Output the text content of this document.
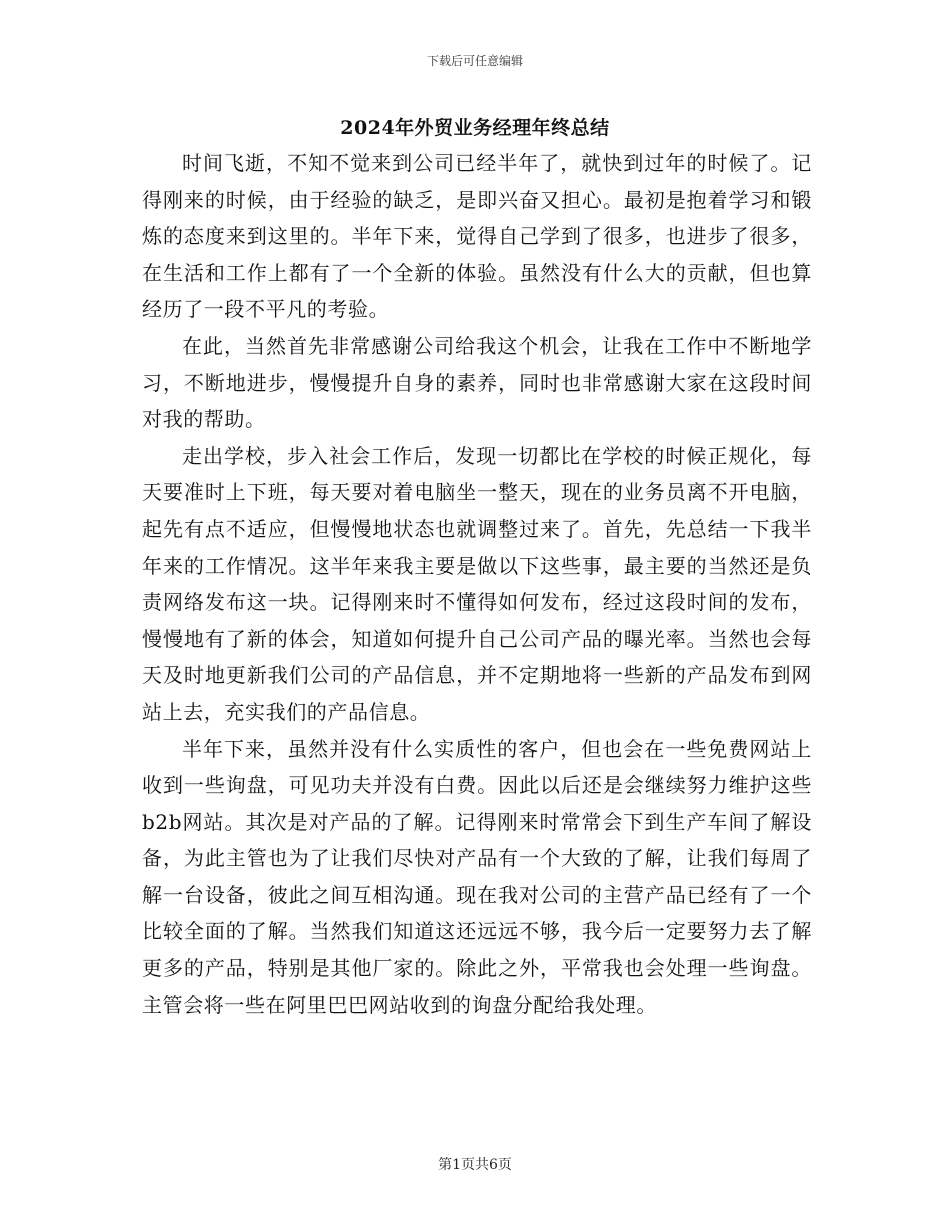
下载后可任意编辑
2024年外贸业务经理年终总结

时间飞逝，不知不觉来到公司已经半年了，就快到过年的时候了。记得刚来的时候，由于经验的缺乏，是即兴奋又担心。最初是抱着学习和锻炼的态度来到这里的。半年下来，觉得自己学到了很多，也进步了很多，在生活和工作上都有了一个全新的体验。虽然没有什么大的贡献，但也算经历了一段不平凡的考验。

在此，当然首先非常感谢公司给我这个机会，让我在工作中不断地学习，不断地进步，慢慢提升自身的素养，同时也非常感谢大家在这段时间对我的帮助。

走出学校，步入社会工作后，发现一切都比在学校的时候正规化，每天要准时上下班，每天要对着电脑坐一整天，现在的业务员离不开电脑，起先有点不适应，但慢慢地状态也就调整过来了。首先，先总结一下我半年来的工作情况。这半年来我主要是做以下这些事，最主要的当然还是负责网络发布这一块。记得刚来时不懂得如何发布，经过这段时间的发布，慢慢地有了新的体会，知道如何提升自己公司产品的曝光率。当然也会每天及时地更新我们公司的产品信息，并不定期地将一些新的产品发布到网站上去，充实我们的产品信息。

半年下来，虽然并没有什么实质性的客户，但也会在一些免费网站上收到一些询盘，可见功夫并没有白费。因此以后还是会继续努力维护这些b2b网站。其次是对产品的了解。记得刚来时常常会下到生产车间了解设备，为此主管也为了让我们尽快对产品有一个大致的了解，让我们每周了解一台设备，彼此之间互相沟通。现在我对公司的主营产品已经有了一个比较全面的了解。当然我们知道这还远远不够，我今后一定要努力去了解更多的产品，特别是其他厂家的。除此之外，平常我也会处理一些询盘。主管会将一些在阿里巴巴网站收到的询盘分配给我处理。

第1页共6页
